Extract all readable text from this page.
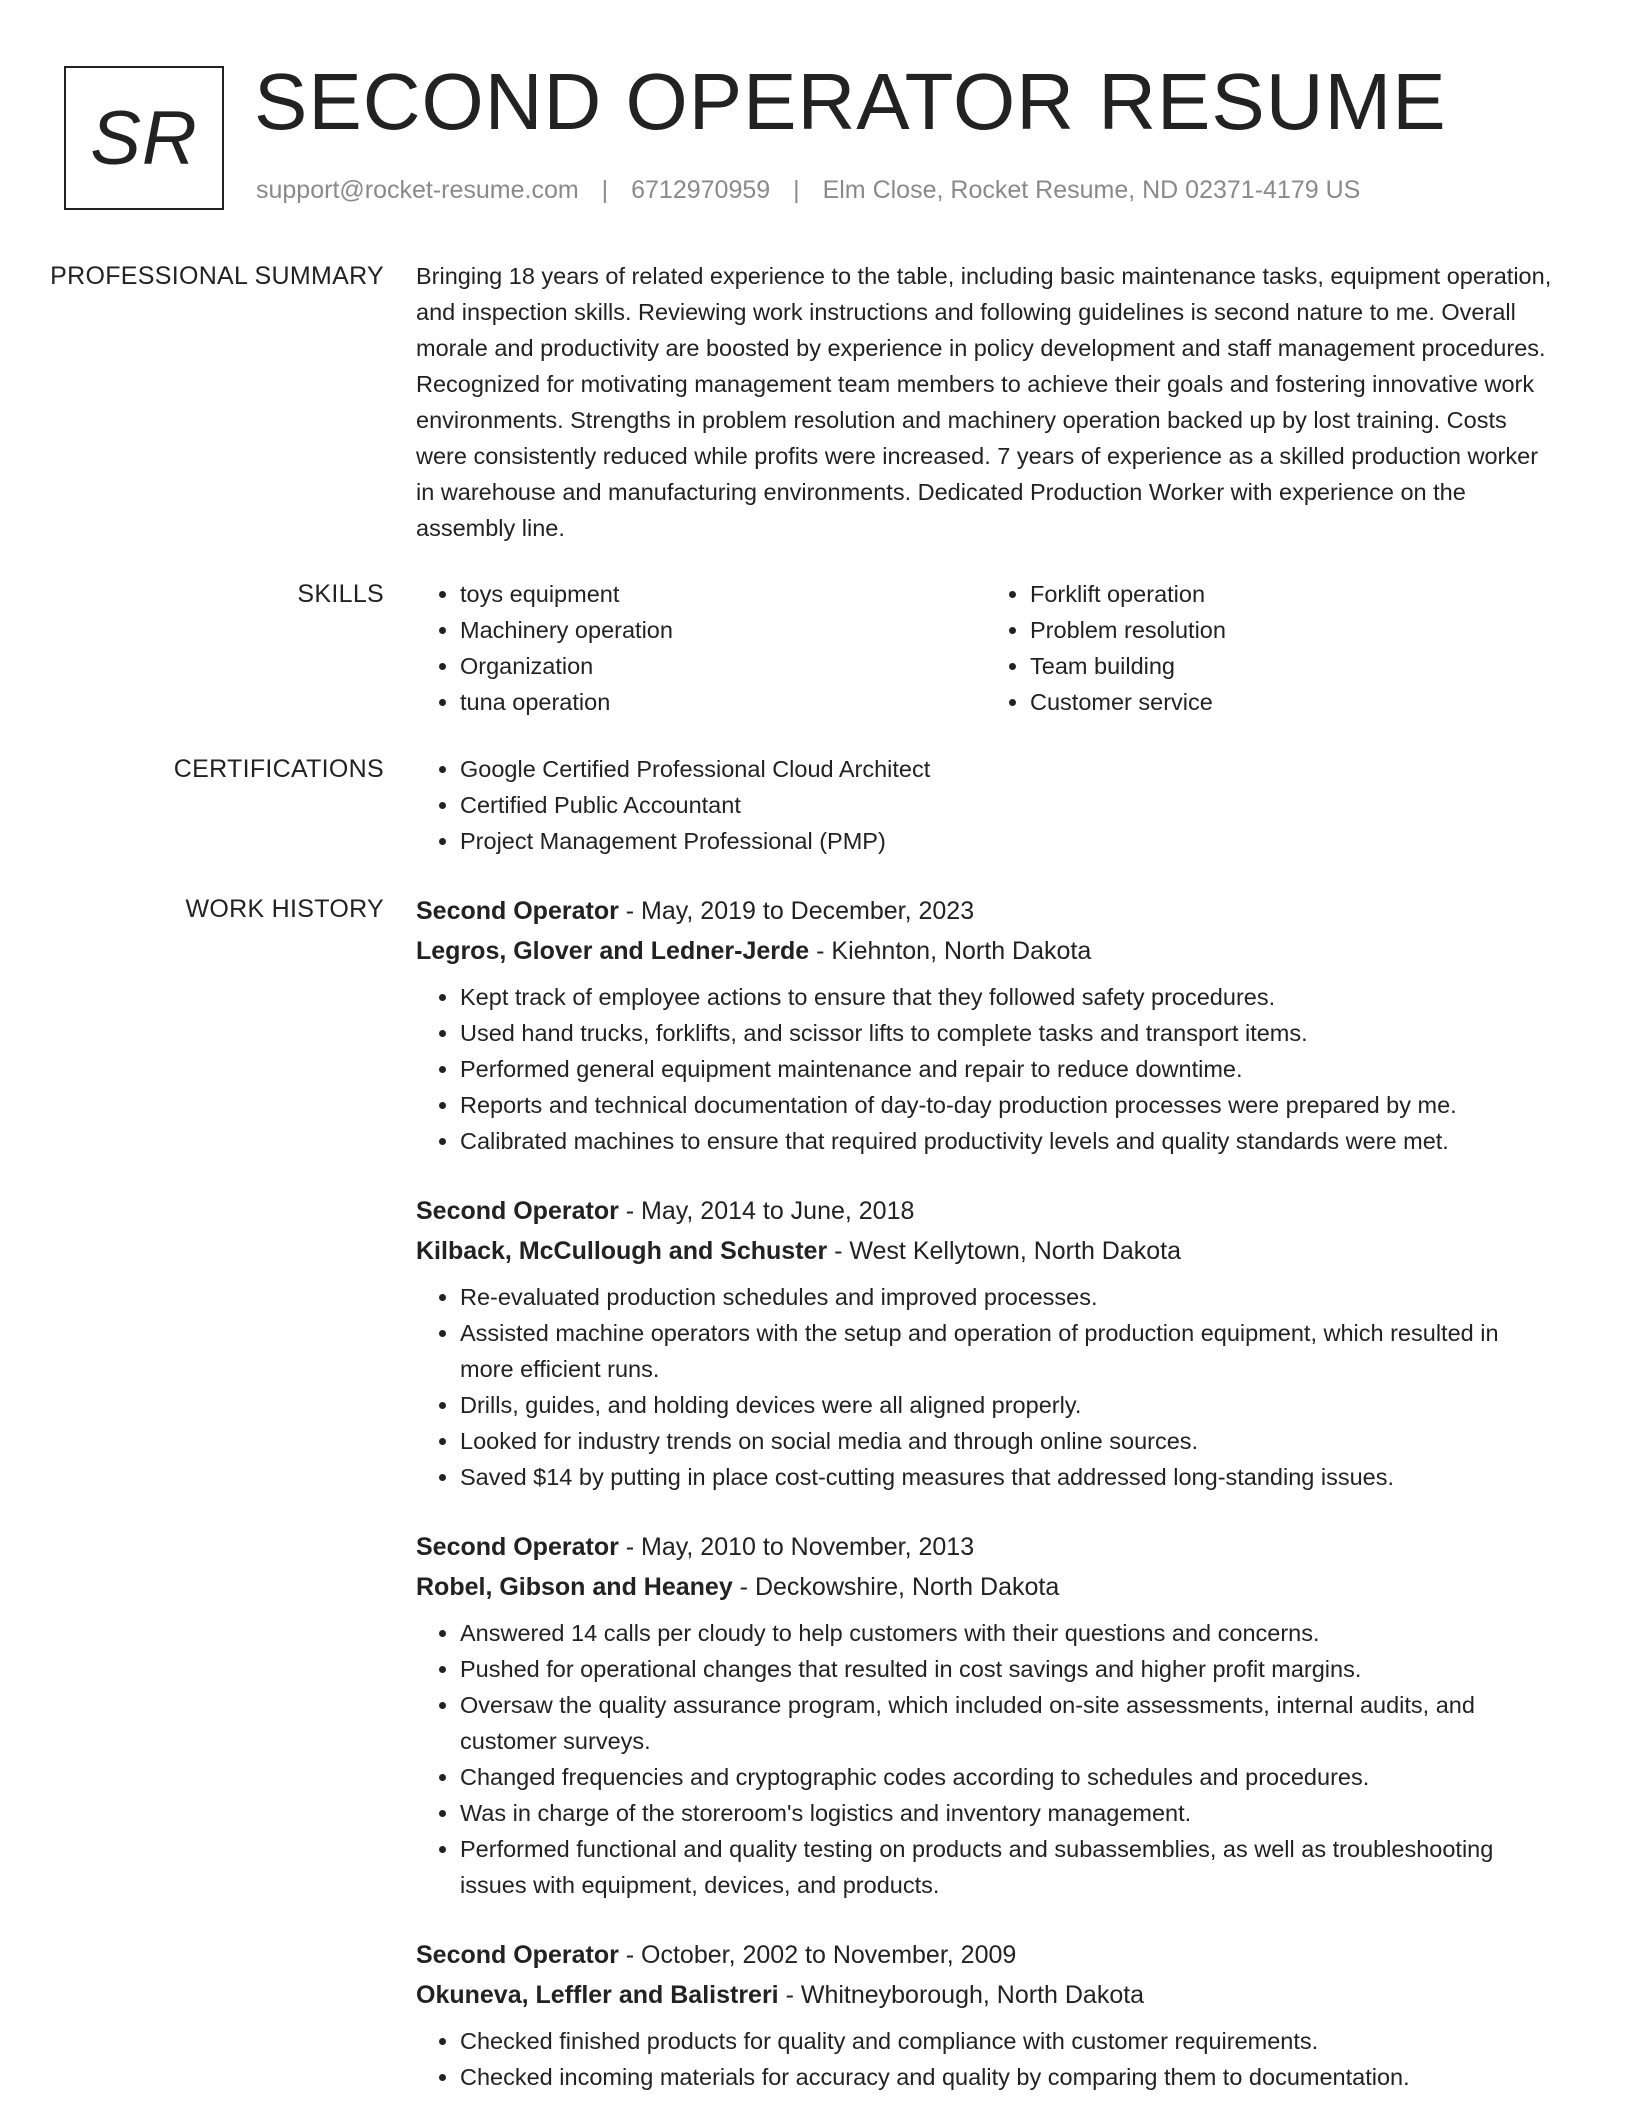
SR SECOND OPERATOR RESUME
support@rocket-resume.com | 6712970959 | Elm Close, Rocket Resume, ND 02371-4179 US
PROFESSIONAL SUMMARY	Bringing 18 years of related experience to the table, including basic maintenance tasks, equipment operation, and inspection skills. Reviewing work instructions and following guidelines is second nature to me. Overall morale and productivity are boosted by experience in policy development and staff management procedures. Recognized for motivating management team members to achieve their goals and fostering innovative work environments. Strengths in problem resolution and machinery operation backed up by lost training. Costs were consistently reduced while profits were increased. 7 years of experience as a skilled production worker in warehouse and manufacturing environments. Dedicated Production Worker with experience on the assembly line.

SKILLS	• toys equipment
• Machinery operation
• Organization
• tuna operation
• Forklift operation
• Problem resolution
• Team building
• Customer service
CERTIFICATIONS	• Google Certified Professional Cloud Architect
• Certified Public Accountant
• Project Management Professional (PMP)
WORK HISTORY	Second Operator - May, 2019 to December, 2023
Legros, Glover and Ledner-Jerde - Kiehnton, North Dakota
• Kept track of employee actions to ensure that they followed safety procedures.
• Used hand trucks, forklifts, and scissor lifts to complete tasks and transport items.
• Performed general equipment maintenance and repair to reduce downtime.
• Reports and technical documentation of day-to-day production processes were prepared by me.
• Calibrated machines to ensure that required productivity levels and quality standards were met.
Second Operator - May, 2014 to June, 2018
Kilback, McCullough and Schuster - West Kellytown, North Dakota
• Re-evaluated production schedules and improved processes.
• Assisted machine operators with the setup and operation of production equipment, which resulted in more efficient runs.
• Drills, guides, and holding devices were all aligned properly.
• Looked for industry trends on social media and through online sources.
• Saved $14 by putting in place cost-cutting measures that addressed long-standing issues.
Second Operator - May, 2010 to November, 2013
Robel, Gibson and Heaney - Deckowshire, North Dakota
• Answered 14 calls per cloudy to help customers with their questions and concerns.
• Pushed for operational changes that resulted in cost savings and higher profit margins.
• Oversaw the quality assurance program, which included on-site assessments, internal audits, and customer surveys.
• Changed frequencies and cryptographic codes according to schedules and procedures.
• Was in charge of the storeroom's logistics and inventory management.
• Performed functional and quality testing on products and subassemblies, as well as troubleshooting issues with equipment, devices, and products.
Second Operator - October, 2002 to November, 2009
Okuneva, Leffler and Balistreri - Whitneyborough, North Dakota
• Checked finished products for quality and compliance with customer requirements.
• Checked incoming materials for accuracy and quality by comparing them to documentation.
